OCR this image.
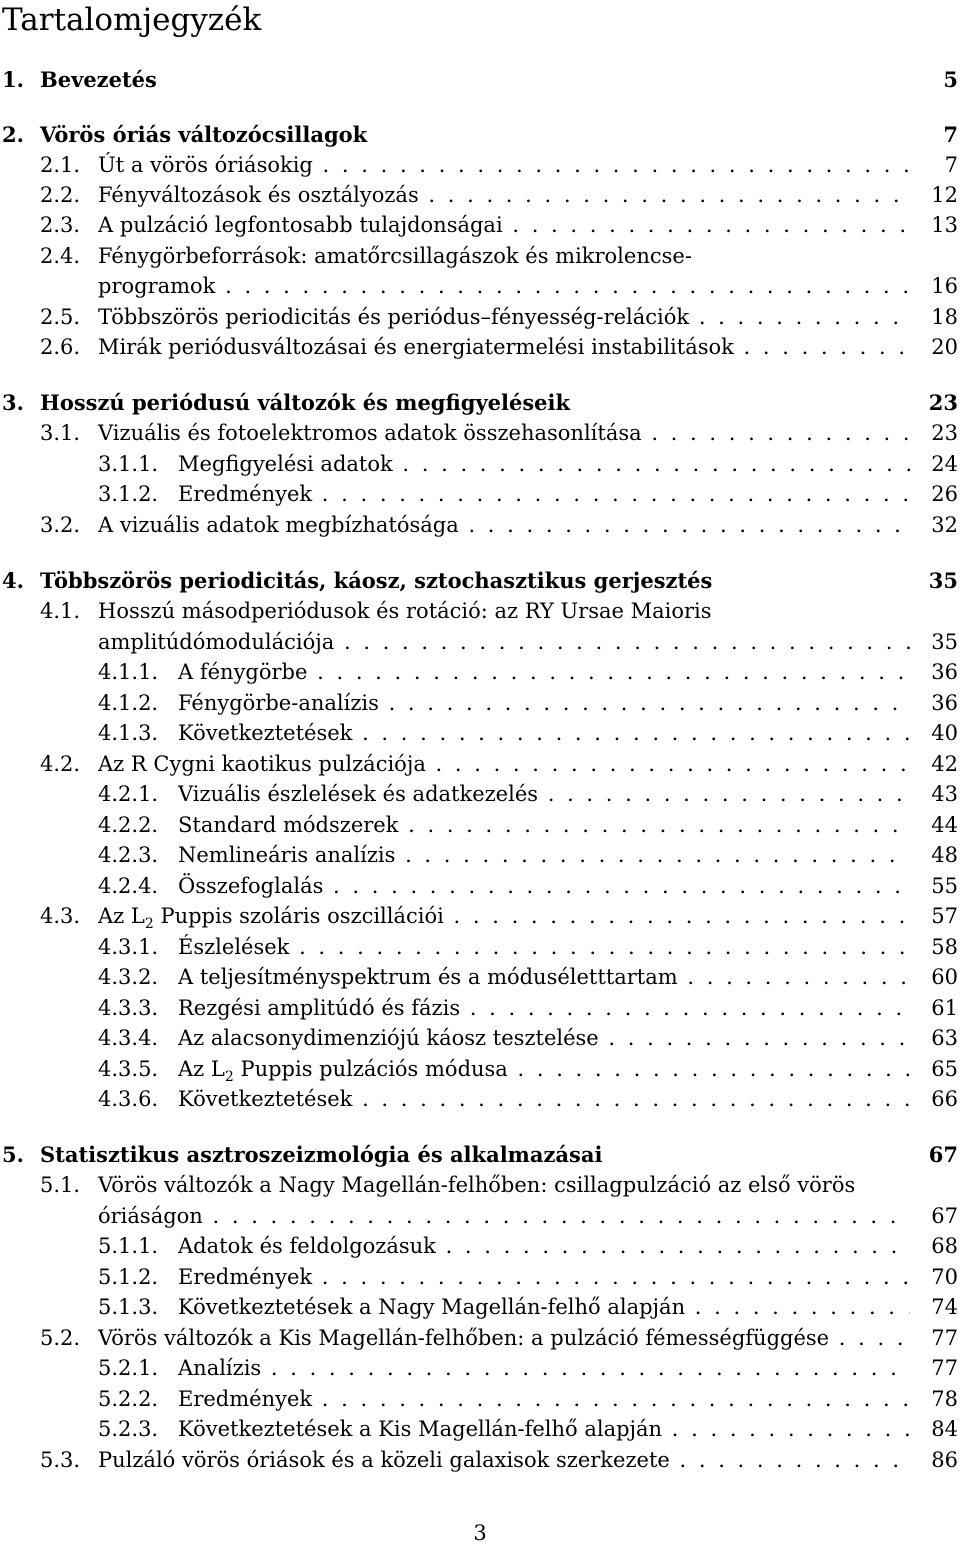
Tartalomjegyzék
1. Bevezetés	5
2. Vörös óriás változócsillagok	7
2.1. Út a vörös óriásokig . . .	7
2.2. Fényváltozások és osztályozás . . .	12
2.3. A pulzáció legfontosabb tulajdonságai . . .	13
2.4. Fénygörbeforrások: amatőrcsillagászok és mikrolencse-
programok . . .	16
2.5. Többszörös periodicitás és periódus–fényesség-relációk . . .	18
2.6. Mirák periódusváltozásai és energiatermelési instabilitások . . .	20
3. Hosszú periódusú változók és megfigyeléseik	23
3.1. Vizuális és fotoelektromos adatok összehasonlítása . . .	23
3.1.1. Megfigyelési adatok . . .	24
3.1.2. Eredmények . . .	26
3.2. A vizuális adatok megbízhatósága . . .	32
4. Többszörös periodicitás, káosz, sztochasztikus gerjesztés	35
4.1. Hosszú másodperiódusok és rotáció: az RY Ursae Maioris
amplitúdómodulációja . . .	35
4.1.1. A fénygörbe . . .	36
4.1.2. Fénygörbe-analízis . . .	36
4.1.3. Következtetések . . .	40
4.2. Az R Cygni kaotikus pulzációja . . .	42
4.2.1. Vizuális észlelések és adatkezelés . . .	43
4.2.2. Standard módszerek . . .	44
4.2.3. Nemlineáris analízis . . .	48
4.2.4. Összefoglalás . . .	55
4.3. Az $L_2$ Puppis szoláris oszcillációi . . .	57
4.3.1. Észlelések . . .	58
4.3.2. A teljesítményspektrum és a móduséletttartam . . .	60
4.3.3. Rezgési amplitúdó és fázis . . .	61
4.3.4. Az alacsonydimenziójú káosz tesztelése . . .	63
4.3.5. Az $L_2$ Puppis pulzációs módusa . . .	65
4.3.6. Következtetések . . .	66
5. Statisztikus asztroszeizmológia és alkalmazásai	67
5.1. Vörös változók a Nagy Magellán-felhőben: csillagpulzáció az első vörös
óriáságon . . .	67
5.1.1. Adatok és feldolgozásuk . . .	68
5.1.2. Eredmények . . .	70
5.1.3. Következtetések a Nagy Magellán-felhő alapján . . .	74
5.2. Vörös változók a Kis Magellán-felhőben: a pulzáció fémességfüggése . . .	77
5.2.1. Analízis . . .	77
5.2.2. Eredmények . . .	78
5.2.3. Következtetések a Kis Magellán-felhő alapján . . .	84
5.3. Pulzáló vörös óriások és a közeli galaxisok szerkezete . . .	86
3
